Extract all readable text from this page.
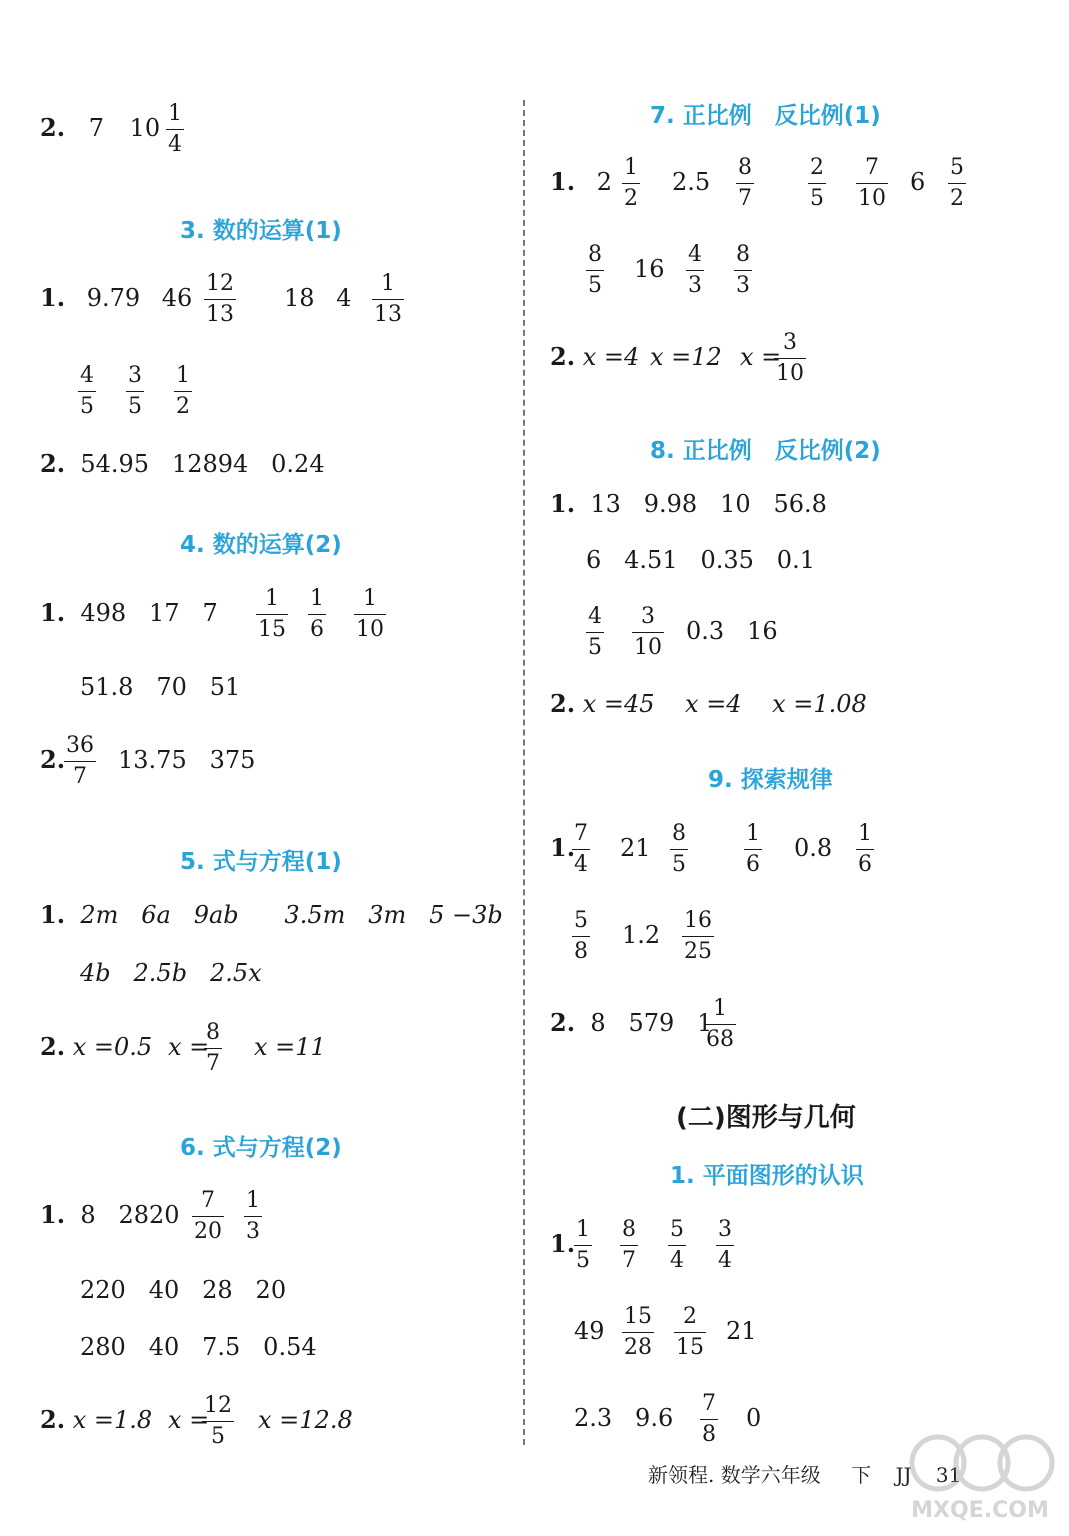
2. 7 10
1
4
3. 数的运算(1)
1. 9.79 46
12
13
18 4
1
13
4
5
3
5
1
2
2. 54.95   12894   0.24
4. 数的运算(2)
1. 498   17   7
1
15
1
6
1
10
51.8   70   51
2. 36
7
13.75   375
5. 式与方程(1)
1. 2m   6a   9ab      3.5m   3m   5 −3b
4b   2.5b   2.5x
2. x =0.5 x =
8
7
x =11
6. 式与方程(2)
1. 8   2820
7
20
1
3
220   40   28   20
280   40   7.5   0.54
2. x =1.8 x =
12
5
x =12.8
7. 正比例　反比例(1)
1. 2
1
2
2.5
8
7
2
5
7
10
6
5
2
8
5
16
4
3
8
3
2. x =4 x =12 x =
3
10
8. 正比例　反比例(2)
1. 13   9.98   10   56.8
6   4.51   0.35   0.1
4
5
3
10
0.3   16
2. x =45    x =4    x =1.08
9. 探索规律
1.
7
4
21
8
5
1
6
0.8
1
6
5
8
1.2
16
25
2. 8   579   1
1
68
(二)图形与几何
1. 平面图形的认识
1. 1
5
8
7
5
4
3
4
49
15
28
2
15
21
2.3   9.6
7
8
0
新领程. 数学六年级 下 JJ 31
MXQE.COM
